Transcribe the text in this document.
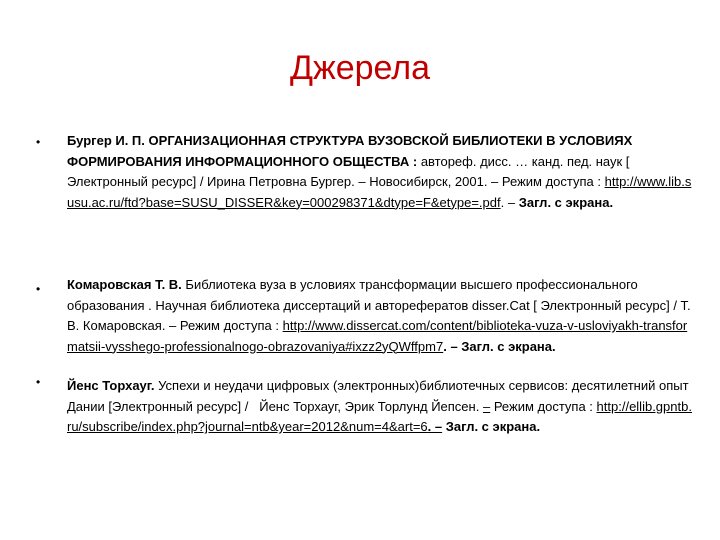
Джерела
• Бургер И. П. ОРГАНИЗАЦИОННАЯ СТРУКТУРА ВУЗОВСКОЙ БИБЛИОТЕКИ В УСЛОВИЯХ ФОРМИРОВАНИЯ ИНФОРМАЦИОННОГО ОБЩЕСТВА : автореф. дисс. … канд. пед. наук [ Электронный ресурс] / Ирина Петровна Бургер. – Новосибирск, 2001. – Режим доступа : http://www.lib.susu.ac.ru/ftd?base=SUSU_DISSER&key=000298371&dtype=F&etype=.pdf. – Загл. с экрана.

• Комаровская Т. В. Библиотека вуза в условиях трансформации высшего профессионального образования . Научная библиотека диссертаций и авторефератов disser.Cat [ Электронный ресурс] / Т. В. Комаровская. – Режим доступа : http://www.dissercat.com/content/biblioteka-vuza-v-usloviyakh-transformatsii-vysshego-professionalnogo-obrazovaniya#ixzz2yQWffpm7. – Загл. с экрана.

• Йенс Торхауг. Успехи и неудачи цифровых (электронных)библиотечных сервисов: десятилетний опыт Дании [Электронный ресурс] / Йенс Торхауг, Эрик Торлунд Йепсен. – Режим доступа : http://ellib.gpntb.ru/subscribe/index.php?journal=ntb&year=2012&num=4&art=6. – Загл. с экрана.
